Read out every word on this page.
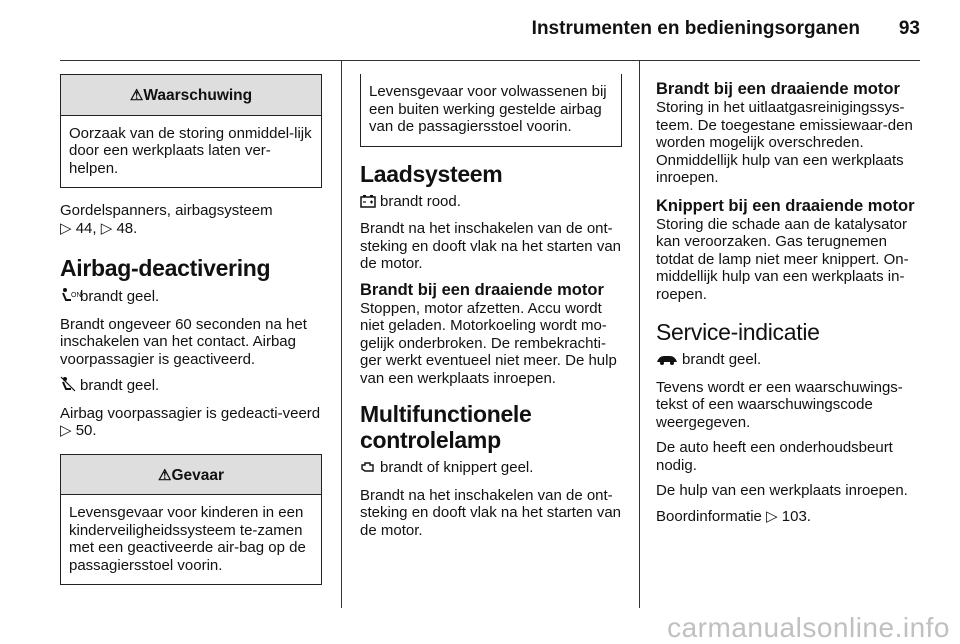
Instrumenten en bedieningsorganen	93
⚠Waarschuwing
Oorzaak van de storing onmiddel-lijk door een werkplaats laten ver-helpen.

Gordelspanners, airbagsysteem
▷ 44, ▷ 48.

Airbag-deactivering

ON
brandt geel.

Brandt ongeveer 60 seconden na het inschakelen van het contact. Airbag voorpassagier is geactiveerd.

brandt geel.

Airbag voorpassagier is gedeacti-veerd ▷ 50.

⚠Gevaar
Levensgevaar voor kinderen in een kinderveiligheidssysteem te-zamen met een geactiveerde air-bag op de passagiersstoel voorin.
Levensgevaar voor volwassenen bij een buiten werking gestelde airbag van de passagiersstoel voorin.
Laadsysteem

brandt rood.

Brandt na het inschakelen van de ont-steking en dooft vlak na het starten van de motor.

Brandt bij een draaiende motor

Stoppen, motor afzetten. Accu wordt niet geladen. Motorkoeling wordt mo-gelijk onderbroken. De rembekrachti-ger werkt eventueel niet meer. De hulp van een werkplaats inroepen.

Multifunctionele controlelamp

brandt of knippert geel.

Brandt na het inschakelen van de ont-steking en dooft vlak na het starten van de motor.

Brandt bij een draaiende motor

Storing in het uitlaatgasreinigingssys-teem. De toegestane emissiewaar-den worden mogelijk overschreden. Onmiddellijk hulp van een werkplaats inroepen.

Knippert bij een draaiende motor

Storing die schade aan de katalysator kan veroorzaken. Gas terugnemen totdat de lamp niet meer knippert. On-middellijk hulp van een werkplaats in-roepen.

Service-indicatie

brandt geel.

Tevens wordt er een waarschuwings-tekst of een waarschuwingscode weergegeven.

De auto heeft een onderhoudsbeurt nodig.

De hulp van een werkplaats inroepen.

Boordinformatie ▷ 103.

carmanualsonline.info
